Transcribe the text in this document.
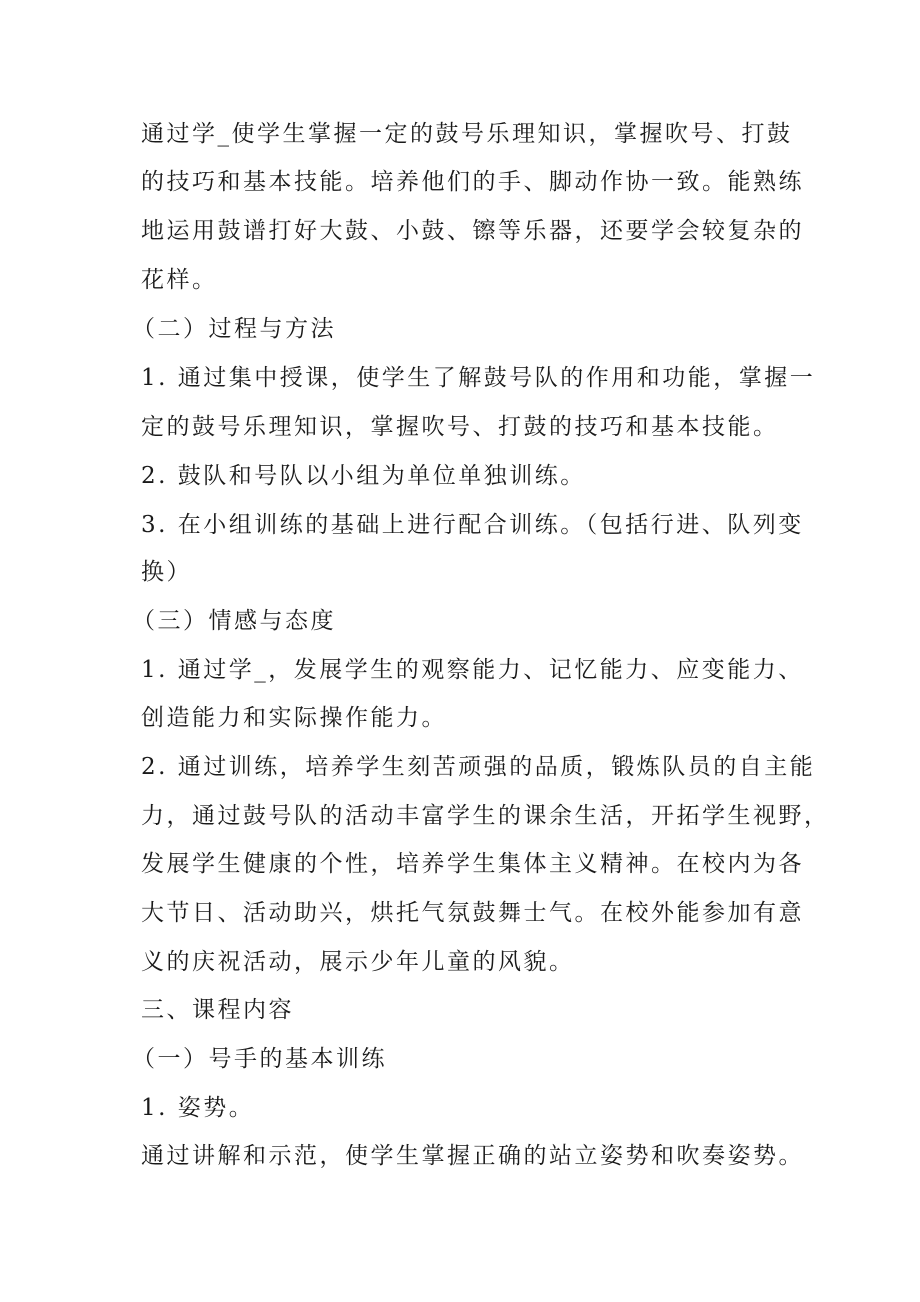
通过学_使学生掌握一定的鼓号乐理知识，掌握吹号、打鼓
的技巧和基本技能。培养他们的手、脚动作协一致。能熟练
地运用鼓谱打好大鼓、小鼓、镲等乐器，还要学会较复杂的
花样。
（二）过程与方法
1. 通过集中授课，使学生了解鼓号队的作用和功能，掌握一
定的鼓号乐理知识，掌握吹号、打鼓的技巧和基本技能。
2. 鼓队和号队以小组为单位单独训练。
3. 在小组训练的基础上进行配合训练。（包括行进、队列变
换）
（三）情感与态度
1. 通过学_，发展学生的观察能力、记忆能力、应变能力、
创造能力和实际操作能力。
2. 通过训练，培养学生刻苦顽强的品质，锻炼队员的自主能
力，通过鼓号队的活动丰富学生的课余生活，开拓学生视野，
发展学生健康的个性，培养学生集体主义精神。在校内为各
大节日、活动助兴，烘托气氛鼓舞士气。在校外能参加有意
义的庆祝活动，展示少年儿童的风貌。
三、课程内容
（一）号手的基本训练
1. 姿势。
通过讲解和示范，使学生掌握正确的站立姿势和吹奏姿势。
